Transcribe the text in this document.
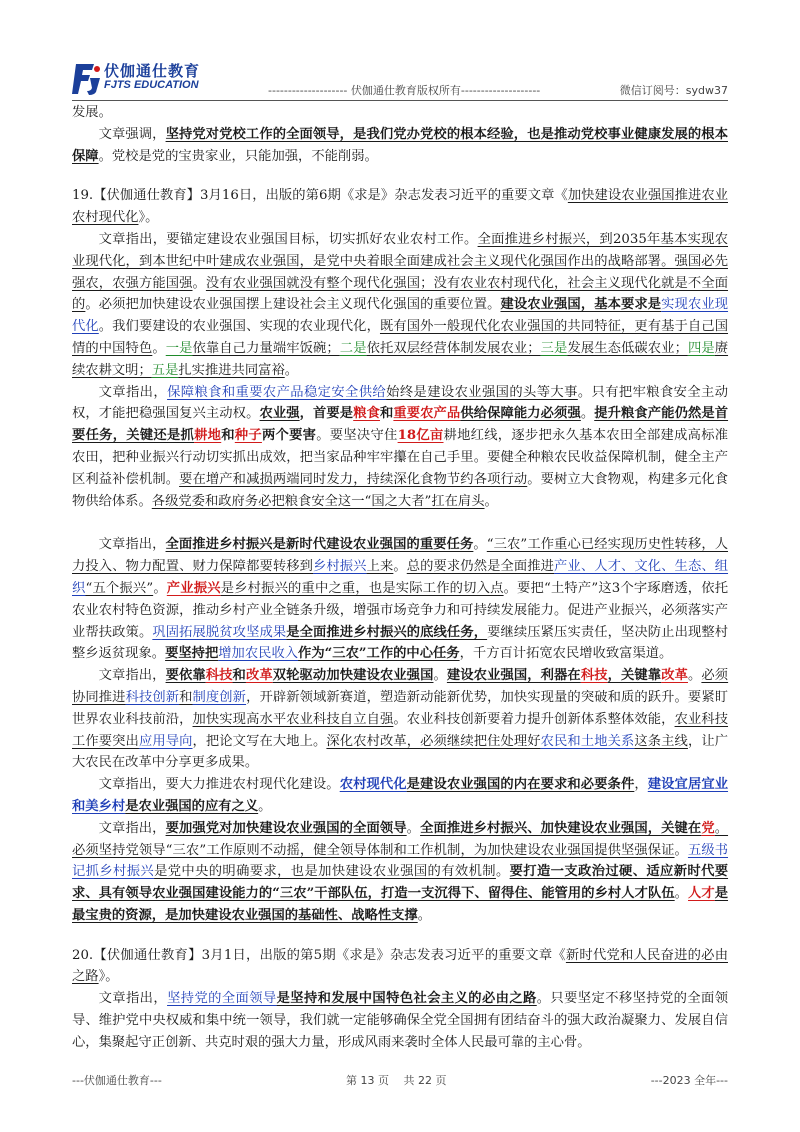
伏伽通仕教育
FJTS EDUCATION	-------------------- 伏伽通仕教育版权所有--------------------	微信订阅号：sydw37

发展。

文章强调，坚持党对党校工作的全面领导，是我们党办党校的根本经验，也是推动党校事业健康发展的根本保障。党校是党的宝贵家业，只能加强，不能削弱。

19.【伏伽通仕教育】3月16日，出版的第6期《求是》杂志发表习近平的重要文章《加快建设农业强国推进农业农村现代化》。

文章指出，要锚定建设农业强国目标，切实抓好农业农村工作。全面推进乡村振兴，到2035年基本实现农业现代化，到本世纪中叶建成农业强国，是党中央着眼全面建成社会主义现代化强国作出的战略部署。强国必先强农，农强方能国强。没有农业强国就没有整个现代化强国；没有农业农村现代化，社会主义现代化就是不全面的。必须把加快建设农业强国摆上建设社会主义现代化强国的重要位置。建设农业强国，基本要求是实现农业现代化。我们要建设的农业强国、实现的农业现代化，既有国外一般现代化农业强国的共同特征，更有基于自己国情的中国特色。一是依靠自己力量端牢饭碗；二是依托双层经营体制发展农业；三是发展生态低碳农业；四是赓续农耕文明；五是扎实推进共同富裕。

文章指出，保障粮食和重要农产品稳定安全供给始终是建设农业强国的头等大事。只有把牢粮食安全主动权，才能把稳强国复兴主动权。农业强，首要是粮食和重要农产品供给保障能力必须强。提升粮食产能仍然是首要任务，关键还是抓耕地和种子两个要害。要坚决守住18亿亩耕地红线，逐步把永久基本农田全部建成高标准农田，把种业振兴行动切实抓出成效，把当家品种牢牢攥在自己手里。要健全种粮农民收益保障机制，健全主产区利益补偿机制。要在增产和减损两端同时发力，持续深化食物节约各项行动。要树立大食物观，构建多元化食物供给体系。各级党委和政府务必把粮食安全这一“国之大者”扛在肩头。

文章指出，全面推进乡村振兴是新时代建设农业强国的重要任务。“三农”工作重心已经实现历史性转移，人力投入、物力配置、财力保障都要转移到乡村振兴上来。总的要求仍然是全面推进产业、人才、文化、生态、组织“五个振兴”。产业振兴是乡村振兴的重中之重，也是实际工作的切入点。要把“土特产”这3个字琢磨透，依托农业农村特色资源，推动乡村产业全链条升级，增强市场竞争力和可持续发展能力。促进产业振兴，必须落实产业帮扶政策。巩固拓展脱贫攻坚成果是全面推进乡村振兴的底线任务，要继续压紧压实责任，坚决防止出现整村整乡返贫现象。要坚持把增加农民收入作为“三农”工作的中心任务，千方百计拓宽农民增收致富渠道。

文章指出，要依靠科技和改革双轮驱动加快建设农业强国。建设农业强国，利器在科技，关键靠改革。必须协同推进科技创新和制度创新，开辟新领域新赛道，塑造新动能新优势，加快实现量的突破和质的跃升。要紧盯世界农业科技前沿，加快实现高水平农业科技自立自强。农业科技创新要着力提升创新体系整体效能，农业科技工作要突出应用导向，把论文写在大地上。深化农村改革，必须继续把住处理好农民和土地关系这条主线，让广大农民在改革中分享更多成果。

文章指出，要大力推进农村现代化建设。农村现代化是建设农业强国的内在要求和必要条件，建设宜居宜业和美乡村是农业强国的应有之义。

文章指出，要加强党对加快建设农业强国的全面领导。全面推进乡村振兴、加快建设农业强国，关键在党。必须坚持党领导“三农”工作原则不动摇，健全领导体制和工作机制，为加快建设农业强国提供坚强保证。五级书记抓乡村振兴是党中央的明确要求，也是加快建设农业强国的有效机制。要打造一支政治过硬、适应新时代要求、具有领导农业强国建设能力的“三农”干部队伍，打造一支沉得下、留得住、能管用的乡村人才队伍。人才是最宝贵的资源，是加快建设农业强国的基础性、战略性支撑。

20.【伏伽通仕教育】3月1日，出版的第5期《求是》杂志发表习近平的重要文章《新时代党和人民奋进的必由之路》。

文章指出，坚持党的全面领导是坚持和发展中国特色社会主义的必由之路。只要坚定不移坚持党的全面领导、维护党中央权威和集中统一领导，我们就一定能够确保全党全国拥有团结奋斗的强大政治凝聚力、发展自信心，集聚起守正创新、共克时艰的强大力量，形成风雨来袭时全体人民最可靠的主心骨。

---伏伽通仕教育---	第 13 页　 共 22 页	---2023 全年---
